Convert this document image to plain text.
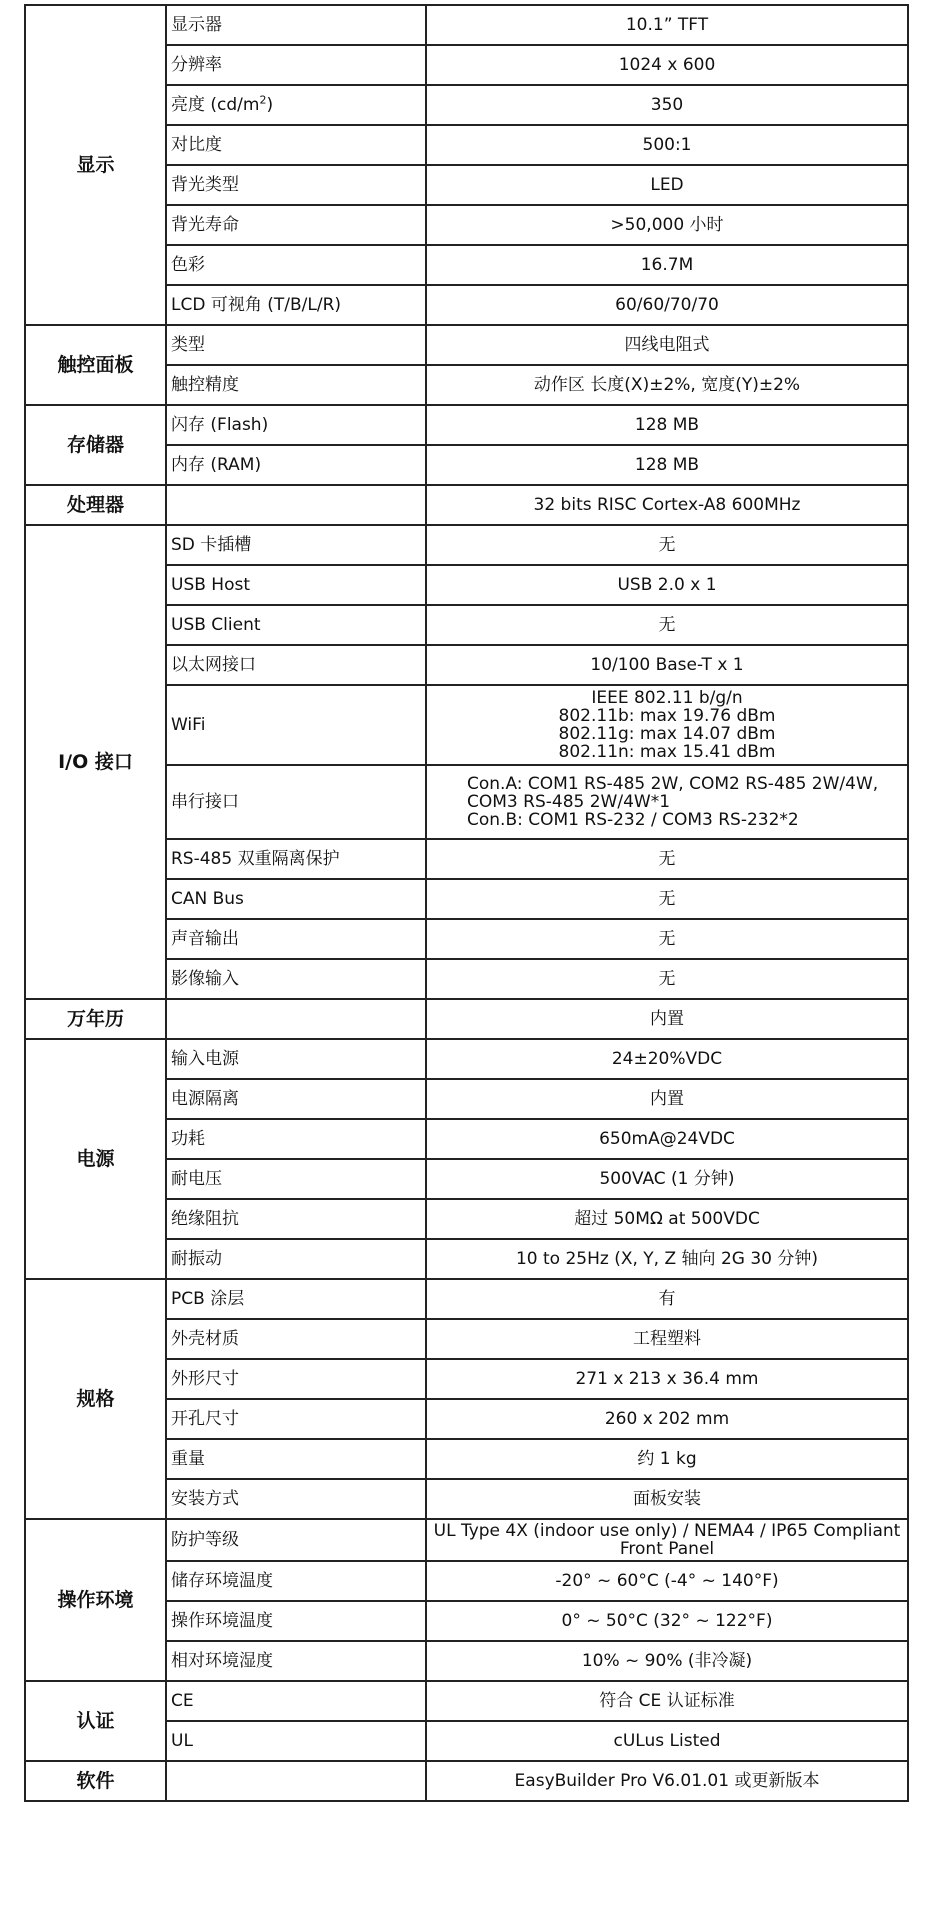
显示	显示器	10.1” TFT
	分辨率	1024 x 600
	亮度 $(cd/m^2)$	350
	对比度	500:1
	背光类型	LED
	背光寿命	>50,000 小时
	色彩	16.7M
	LCD 可视角 (T/B/L/R)	60/60/70/70
触控面板	类型	四线电阻式
	触控精度	动作区 长度(X)±2%, 宽度(Y)±2%
存储器	闪存 (Flash)	128 MB
	内存 (RAM)	128 MB
处理器		32 bits RISC Cortex-A8 600MHz
I/O 接口	SD 卡插槽	无
	USB Host	USB 2.0 x 1
	USB Client	无
	以太网接口	10/100 Base-T x 1
	WiFi	IEEE 802.11 b/g/n
802.11b: max 19.76 dBm
802.11g: max 14.07 dBm
802.11n: max 15.41 dBm

	串行接口	Con.A: COM1 RS-485 2W, COM2 RS-485 2W/4W,
COM3 RS-485 2W/4W*1
Con.B: COM1 RS-232 / COM3 RS-232*2

	RS-485 双重隔离保护	无
	CAN Bus	无
	声音输出	无
	影像输入	无
万年历		内置
电源	输入电源	24±20%VDC
	电源隔离	内置
	功耗	650mA@24VDC
	耐电压	500VAC (1 分钟)
	绝缘阻抗	超过 50MΩ at 500VDC
	耐振动	10 to 25Hz (X, Y, Z 轴向 2G 30 分钟)
规格	PCB 涂层	有
	外壳材质	工程塑料
	外形尺寸	271 x 213 x 36.4 mm
	开孔尺寸	260 x 202 mm
	重量	约 1 kg
	安装方式	面板安装
操作环境	防护等级	UL Type 4X (indoor use only) / NEMA4 / IP65 Compliant
Front Panel

	储存环境温度	-20° ~ 60°C (-4° ~ 140°F)
	操作环境温度	0° ~ 50°C (32° ~ 122°F)
	相对环境湿度	10% ~ 90% (非冷凝)
认证	CE	符合 CE 认证标准
	UL	cULus Listed
软件		EasyBuilder Pro V6.01.01 或更新版本
